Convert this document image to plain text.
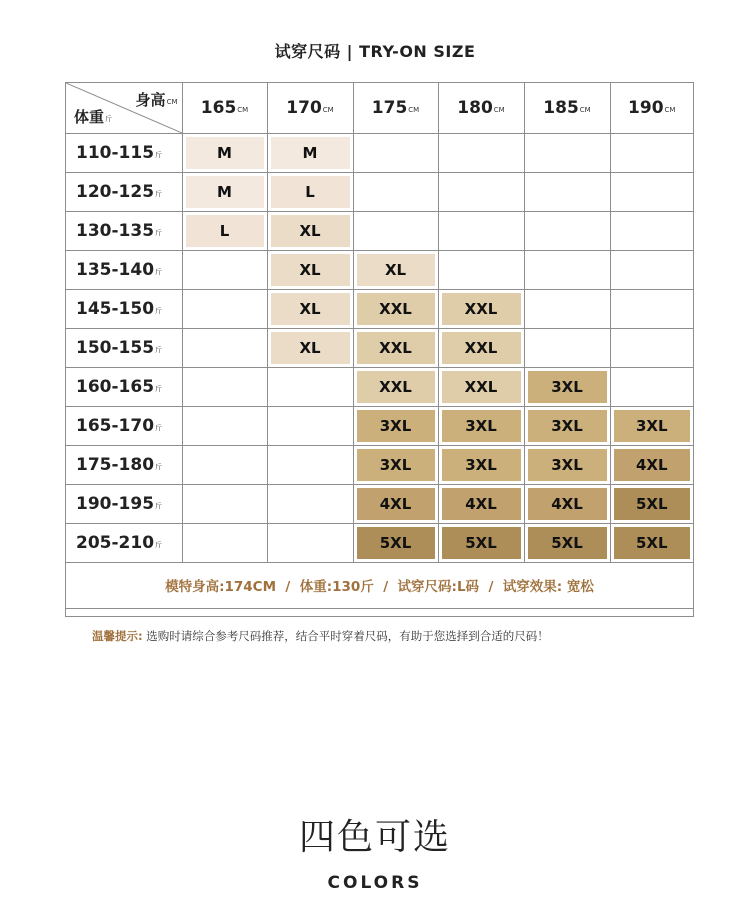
试穿尺码 | TRY-ON SIZE
身高CM
体重斤	165CM	170CM	175CM	180CM	185CM	190CM
110-115斤	M	M				

120-125斤	M	L				

130-135斤	L	XL				

135-140斤		XL	XL			

145-150斤		XL	XXL	XXL		

150-155斤		XL	XXL	XXL		

160-165斤			XXL	XXL	3XL	

165-170斤			3XL	3XL	3XL	3XL

175-180斤			3XL	3XL	3XL	4XL

190-195斤			4XL	4XL	4XL	5XL

205-210斤			5XL	5XL	5XL	5XL

模特身高:174CM  /  体重:130斤  /  试穿尺码:L码  /  试穿效果: 宽松						
温馨提示: 选购时请综合参考尺码推荐，结合平时穿着尺码，有助于您选择到合适的尺码！
四色可选
COLORS
